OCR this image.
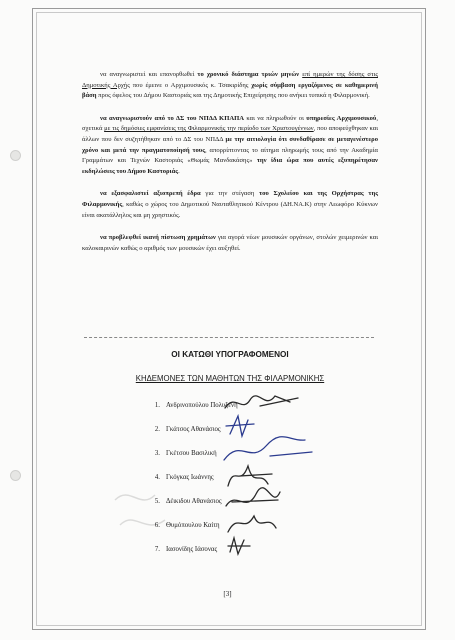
να αναγνωριστεί και επανορθωθεί το χρονικό διάστημα τριών μηνών επί ημερών της δόσης στις Δημοτικής Αρχής που έμεινε ο Αρχιμουσικός κ. Τσακιρίδης χωρίς σύμβαση εργαζόμενος σε καθημερινή βάση προς όφελος του Δήμου Καστοριάς και της Δημοτικής Επιχείρησης που ανήκει τυπικά η Φιλαρμονική.

να αναγνωριστούν από το ΔΣ του ΝΠΔΔ ΚΠΑΠΑ και να πληρωθούν οι υπηρεσίες Αρχιμουσικού, σχετικά με τις δημόσιες εμφανίσεις της Φιλαρμονικής την περίοδο των Χριστουγέννων, που αποφεύχθηκαν και άλλων που δεν συζητήθηκαν από το ΔΣ του ΝΠΔΔ με την αιτιολογία ότι συνδαθίρασε σε μεταγενέστερο χρόνο και μετά την πραγματοποίησή τους, απορρίπτοντας το αίτημα πληρωμής τους από την Ακαδημία Γραμμάτων και Τεχνών Καστοριάς «Θωμάς Μανδακάσης» την ίδια ώρα που αυτές εξυπηρέτησαν εκδηλώσεις του Δήμου Καστοριάς.

να εξασφαλιστεί αξιοπρεπή έδρα για την στέγαση του Σχολείου και της Ορχήστρας της Φιλαρμονικής, καθώς ο χώρος του Δημοτικού Ναυταθλητικού Κέντρου (ΔΗ.ΝΑ.Κ) στην Λεωφόρο Κύκνων είναι ακατάλληλος και μη χρηστικός.

να προβλεφθεί ικανή πίστωση χρημάτων για αγορά νέων μουσικών οργάνων, στολών χειμερινών και καλοκαιρινών καθώς ο αριθμός των μουσικών έχει αυξηθεί.

ΟΙ ΚΑΤΩΘΙ ΥΠΟΓΡΑΦΟΜΕΝΟΙ
ΚΗΔΕΜΟΝΕΣ ΤΩΝ ΜΑΘΗΤΩΝ ΤΗΣ ΦΙΛΑΡΜΟΝΙΚΗΣ
1. Ανδρινοπούλου Πολυξένη
2. Γκάτσος Αθανάσιος
3. Γκέτσου Βασιλική
4. Γκόγκας Ιωάννης
5. Δέικιδου Αθανάσιος
6. Θυμόπουλου Καίτη
7. Ιασονίδης Ιάσονας
[3]
